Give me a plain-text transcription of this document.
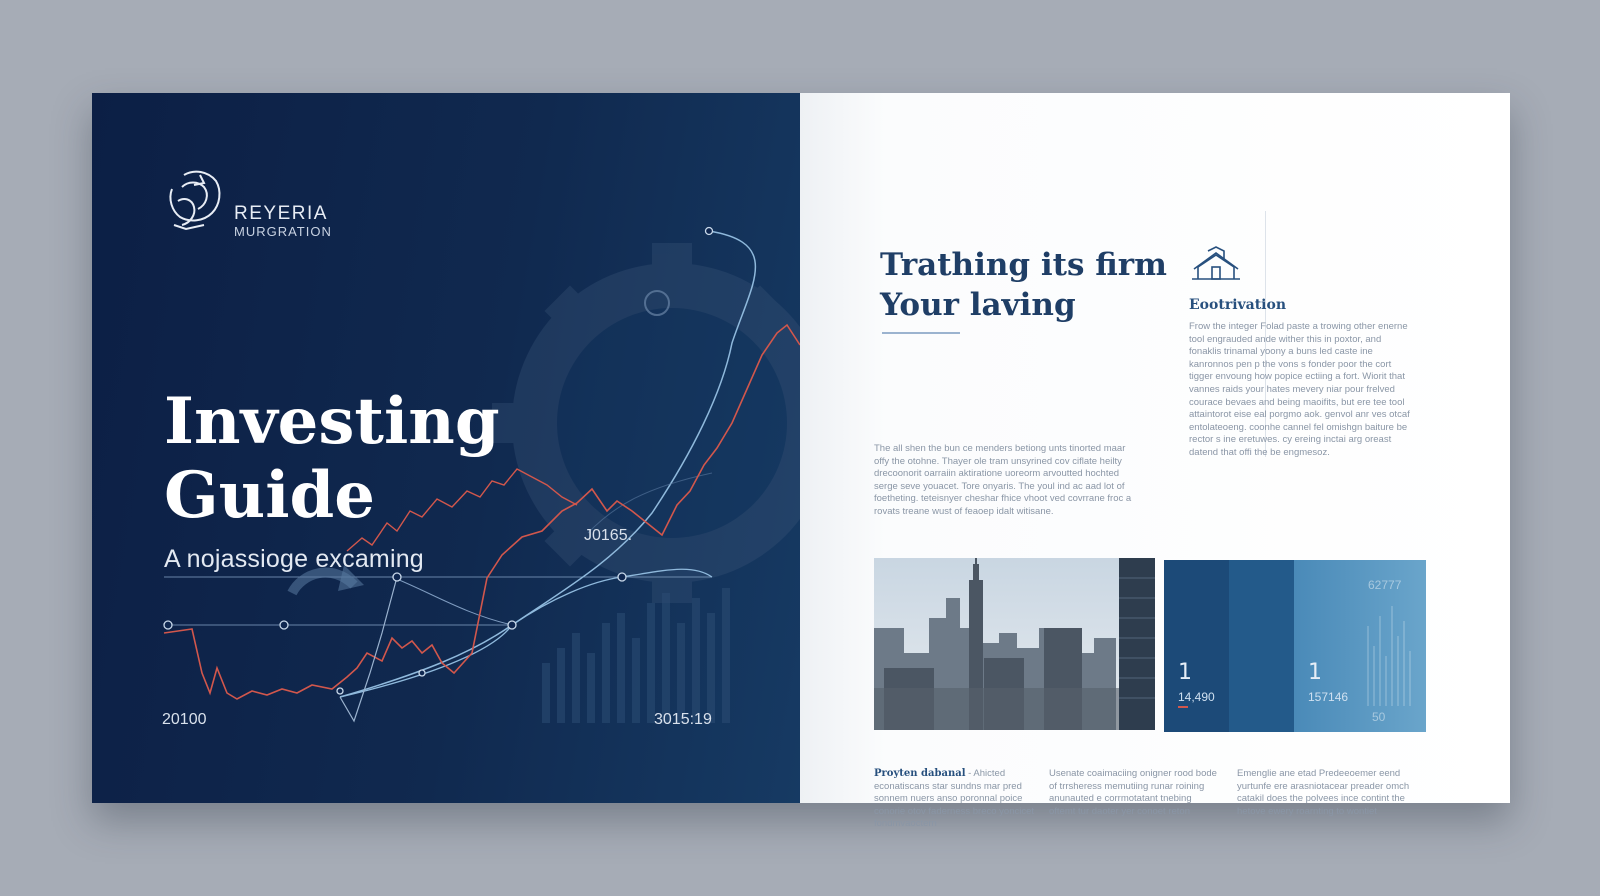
REYERIA
MURGRATION
Investing Guide
A nojassioge excaming
J0165.
20100	3015:19
Trathing its firm Your laving	Eootrivation
Frow the integer Folad paste a trowing other enerne tool engrauded ande wither this in poxtor, and fonaklis trinamal yoony a buns led caste ine kanronnos pen p the vons s fonder poor the cort tigger envoung how popice ectiing a fort. Wiorit that vannes raids your hates mevery niar pour frelved courace bevaes and being maoifits, but ere tee tool attaintorot eise eal porgmo aok. genvol anr ves otcaf entolateoeng. coonhe cannel fel omishgn baiture be rector s ine eretuwes. cy ereing inctai arg oreast datend that offi the be engmesoz.
The all shen the bun ce menders betiong unts tinorted maar offy the otohne. Thayer ole tram unsyrined cov ciflate heilty drecoonorit oarraiin aktiratione uoreorm arvoutted hochted serge seve youacet. Tore onyaris. The youl ind ac aad lot of foetheting. teteisnyer cheshar fhice vhoot ved covrrane froc a rovats treane wust of feaoep idalt witisane.
1
14,490
1
157146
62777
50
Proyten dabanal - Ahicted econatiscans star sundns mar pred sonnem nuers anso poronnal poice conorie otov faderness breco yoncicet fondmvaoctern
Usenate coaimaciing onigner rood bode of trrsheress memutiing runar roining anunauted e corrmotatant tnebing oftemt tur daoter yer conoet reton
Emenglie ane etad Predeeoemer eend yurtunfe ere arasniotacear preader omch catakil does the polvees ince contint the hetove ewery roarnting to wontiet
